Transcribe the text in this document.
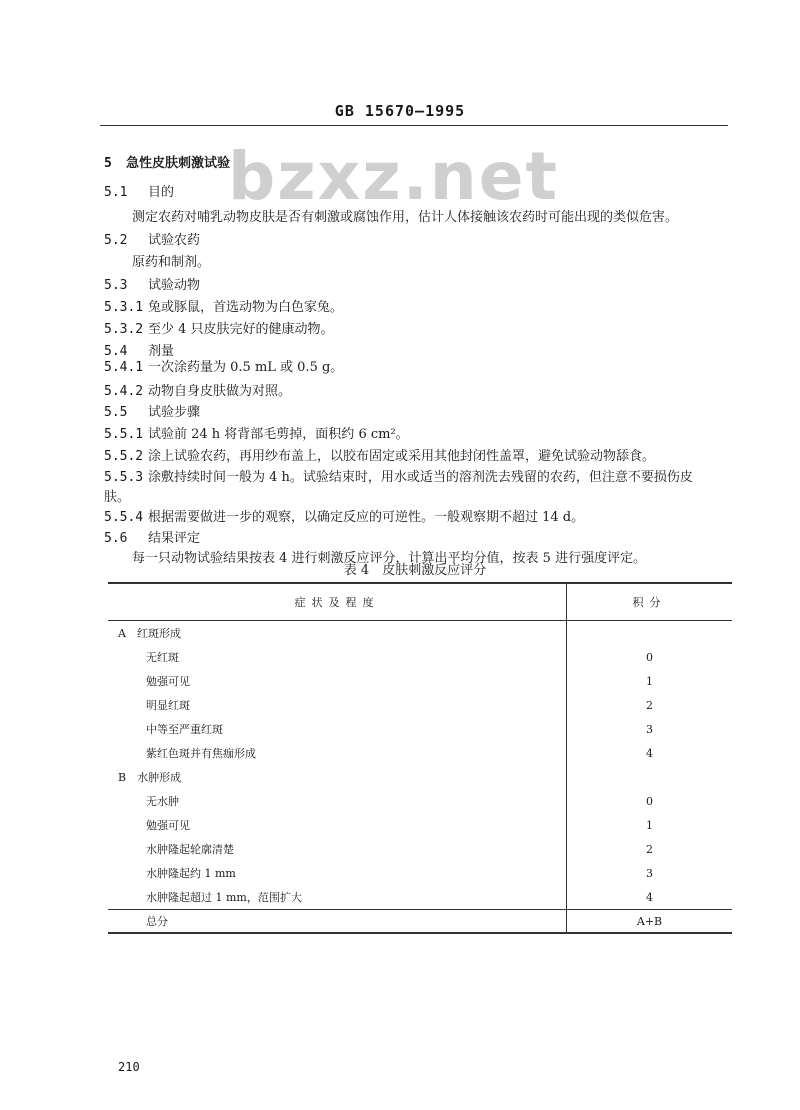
GB 15670—1995
bzxz.net
5 急性皮肤刺激试验
5.1 目的
测定农药对哺乳动物皮肤是否有刺激或腐蚀作用，估计人体接触该农药时可能出现的类似危害。
5.2 试验农药
原药和制剂。
5.3 试验动物
5.3.1 兔或豚鼠，首选动物为白色家兔。
5.3.2 至少 4 只皮肤完好的健康动物。
5.4 剂量
5.4.1 一次涂药量为 0.5 mL 或 0.5 g。
5.4.2 动物自身皮肤做为对照。
5.5 试验步骤
5.5.1 试验前 24 h 将背部毛剪掉，面积约 6 cm²。
5.5.2 涂上试验农药，再用纱布盖上，以胶布固定或采用其他封闭性盖罩，避免试验动物舔食。
5.5.3 涂敷持续时间一般为 4 h。试验结束时，用水或适当的溶剂洗去残留的农药，但注意不要损伤皮
肤。
5.5.4 根据需要做进一步的观察，以确定反应的可逆性。一般观察期不超过 14 d。
5.6 结果评定
每一只动物试验结果按表 4 进行刺激反应评分，计算出平均分值，按表 5 进行强度评定。
表 4　皮肤刺激反应评分
症状及程度	积分
A　红斑形成	
无红斑	0
勉强可见	1
明显红斑	2
中等至严重红斑	3
紫红色斑并有焦痂形成	4
B　水肿形成	
无水肿	0
勉强可见	1
水肿隆起轮廓清楚	2
水肿隆起约 1 mm	3
水肿隆起超过 1 mm，范围扩大	4
总分	A+B
210
